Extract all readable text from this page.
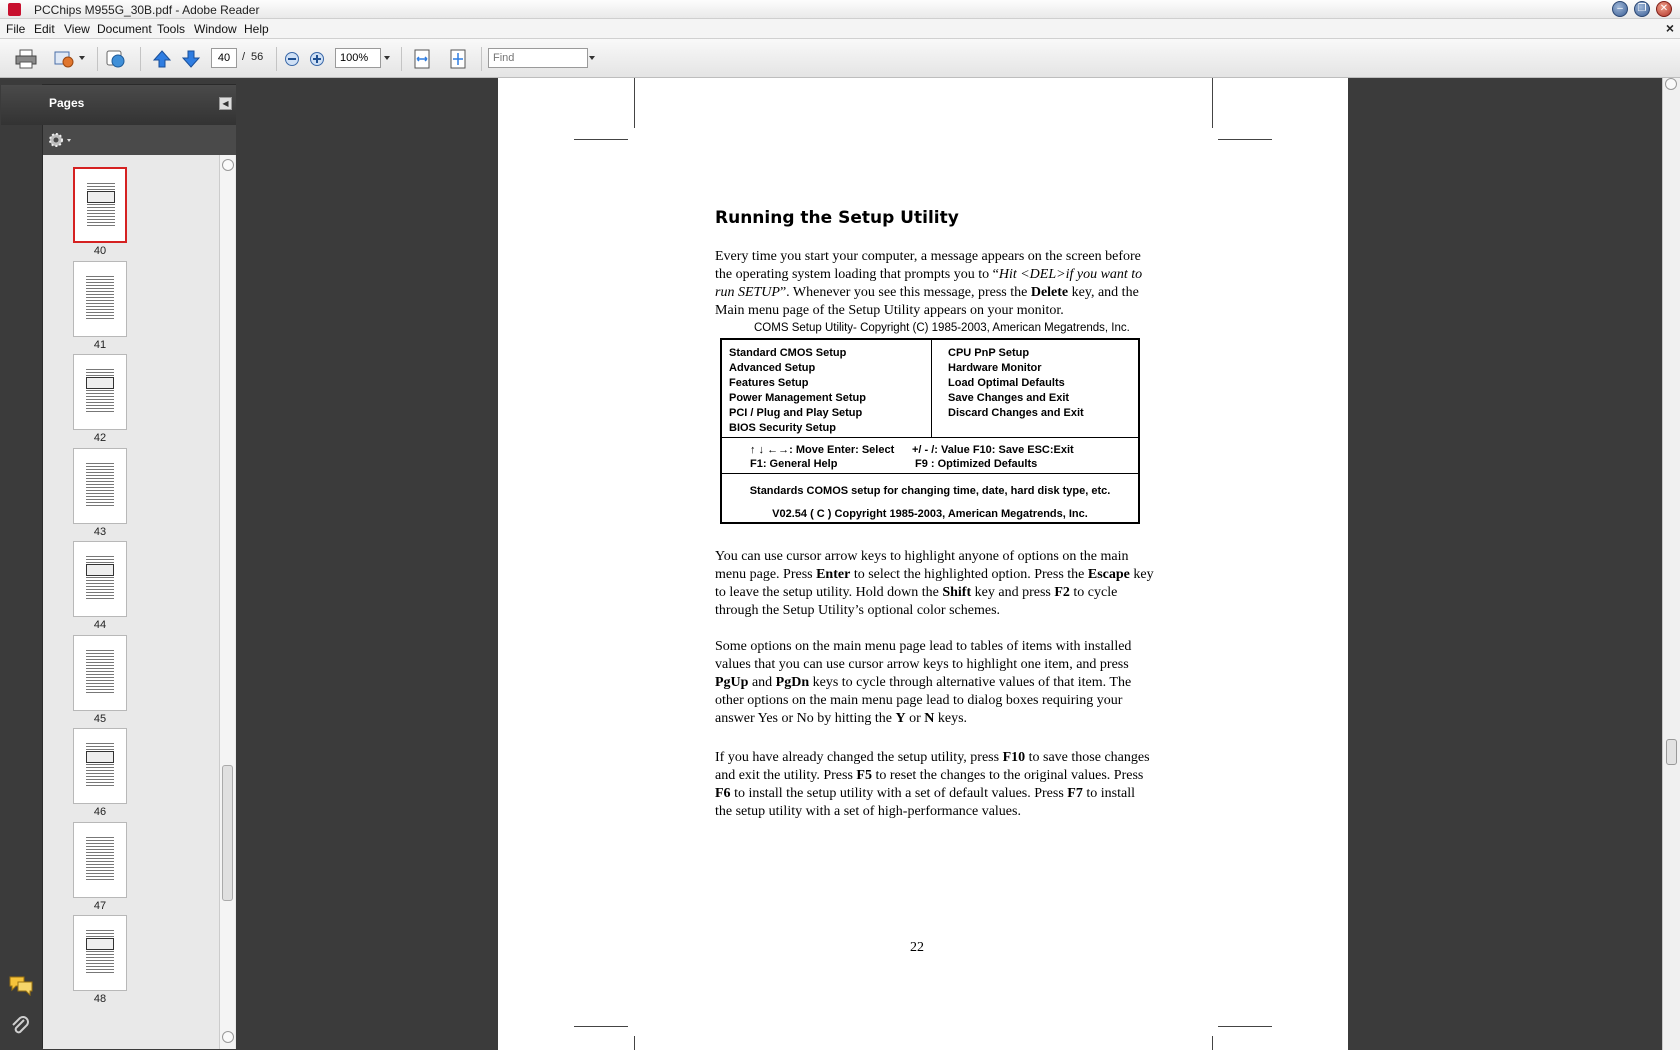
PCChips M955G_30B.pdf - Adobe Reader	–	❐	✕
File Edit View Document Tools Window Help	×
40
/ 56
100%
Find
Pages	◀
40
41
42
43
44
45
46
47
48
Running the Setup Utility
Every time you start your computer, a message appears on the screen before the operating system loading that prompts you to “Hit <DEL>if you want to run SETUP”. Whenever you see this message, press the Delete key, and the Main menu page of the Setup Utility appears on your monitor.
COMS Setup Utility- Copyright (C) 1985-2003, American Megatrends, Inc.
Standard CMOS Setup
Advanced Setup
Features Setup
Power Management Setup
PCI / Plug and Play Setup
BIOS Security Setup
CPU PnP Setup
Hardware Monitor
Load Optimal Defaults
Save Changes and Exit
Discard Changes and Exit
↑ ↓ ←→: Move Enter: Select +/ - /: Value F10: Save ESC:Exit
F1: General Help	F9 : Optimized Defaults
Standards COMOS setup for changing time, date, hard disk type, etc.
V02.54 ( C ) Copyright 1985-2003, American Megatrends, Inc.
You can use cursor arrow keys to highlight anyone of options on the main menu page. Press Enter to select the highlighted option. Press the Escape key to leave the setup utility. Hold down the Shift key and press F2 to cycle through the Setup Utility’s optional color schemes.
Some options on the main menu page lead to tables of items with installed values that you can use cursor arrow keys to highlight one item, and press PgUp and PgDn keys to cycle through alternative values of that item. The other options on the main menu page lead to dialog boxes requiring your answer Yes or No by hitting the Y or N keys.
If you have already changed the setup utility, press F10 to save those changes and exit the utility. Press F5 to reset the changes to the original values. Press F6 to install the setup utility with a set of default values. Press F7 to install the setup utility with a set of high-performance values.
22
